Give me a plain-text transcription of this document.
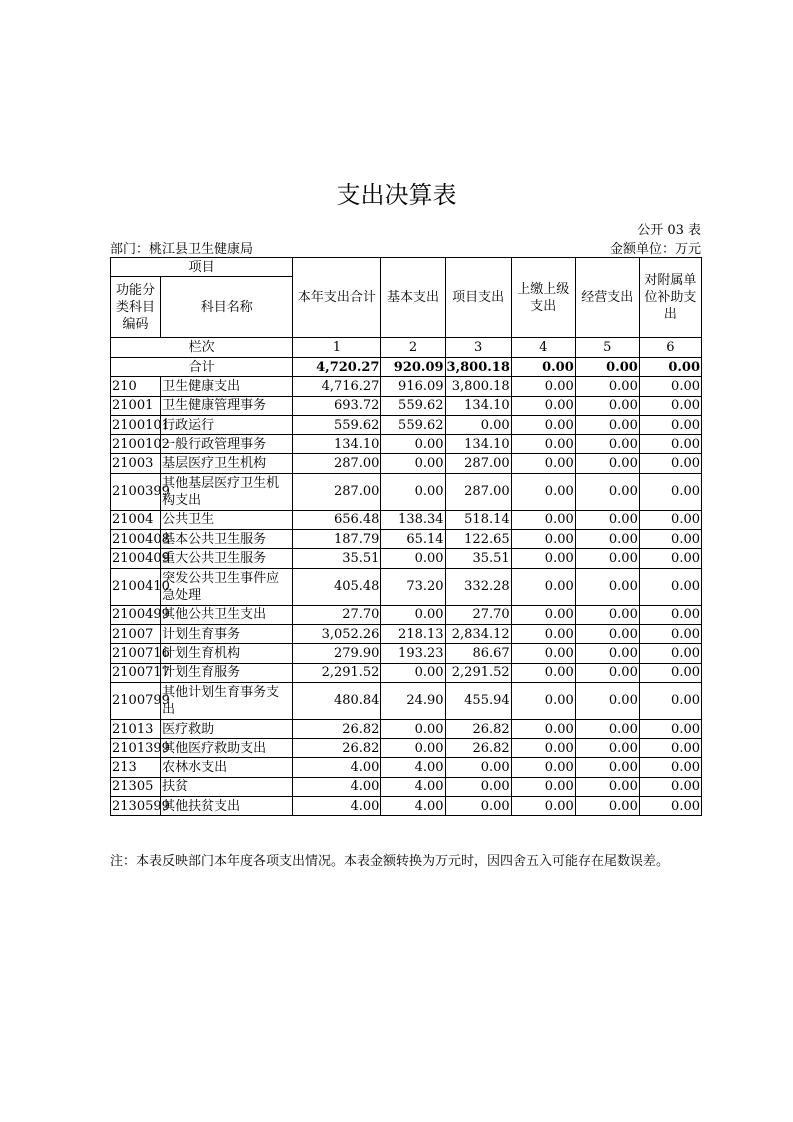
支出决算表
公开 03 表
部门：桃江县卫生健康局	金额单位：万元
项目		本年支出合计	基本支出	项目支出	上缴上级支出	经营支出	对附属单位补助支出
功能分类科目编码	科目名称						
栏次		1	2	3	4	5	6
合计		4,720.27	920.09	3,800.18	0.00	0.00	0.00
210	卫生健康支出	4,716.27	916.09	3,800.18	0.00	0.00	0.00
21001	卫生健康管理事务	693.72	559.62	134.10	0.00	0.00	0.00
2100101	行政运行	559.62	559.62	0.00	0.00	0.00	0.00
2100102	一般行政管理事务	134.10	0.00	134.10	0.00	0.00	0.00
21003	基层医疗卫生机构	287.00	0.00	287.00	0.00	0.00	0.00
2100399	其他基层医疗卫生机构支出	287.00	0.00	287.00	0.00	0.00	0.00
21004	公共卫生	656.48	138.34	518.14	0.00	0.00	0.00
2100408	基本公共卫生服务	187.79	65.14	122.65	0.00	0.00	0.00
2100409	重大公共卫生服务	35.51	0.00	35.51	0.00	0.00	0.00
2100410	突发公共卫生事件应急处理	405.48	73.20	332.28	0.00	0.00	0.00
2100499	其他公共卫生支出	27.70	0.00	27.70	0.00	0.00	0.00
21007	计划生育事务	3,052.26	218.13	2,834.12	0.00	0.00	0.00
2100716	计划生育机构	279.90	193.23	86.67	0.00	0.00	0.00
2100717	计划生育服务	2,291.52	0.00	2,291.52	0.00	0.00	0.00
2100799	其他计划生育事务支出	480.84	24.90	455.94	0.00	0.00	0.00
21013	医疗救助	26.82	0.00	26.82	0.00	0.00	0.00
2101399	其他医疗救助支出	26.82	0.00	26.82	0.00	0.00	0.00
213	农林水支出	4.00	4.00	0.00	0.00	0.00	0.00
21305	扶贫	4.00	4.00	0.00	0.00	0.00	0.00
2130599	其他扶贫支出	4.00	4.00	0.00	0.00	0.00	0.00
注：本表反映部门本年度各项支出情况。本表金额转换为万元时，因四舍五入可能存在尾数误差。
